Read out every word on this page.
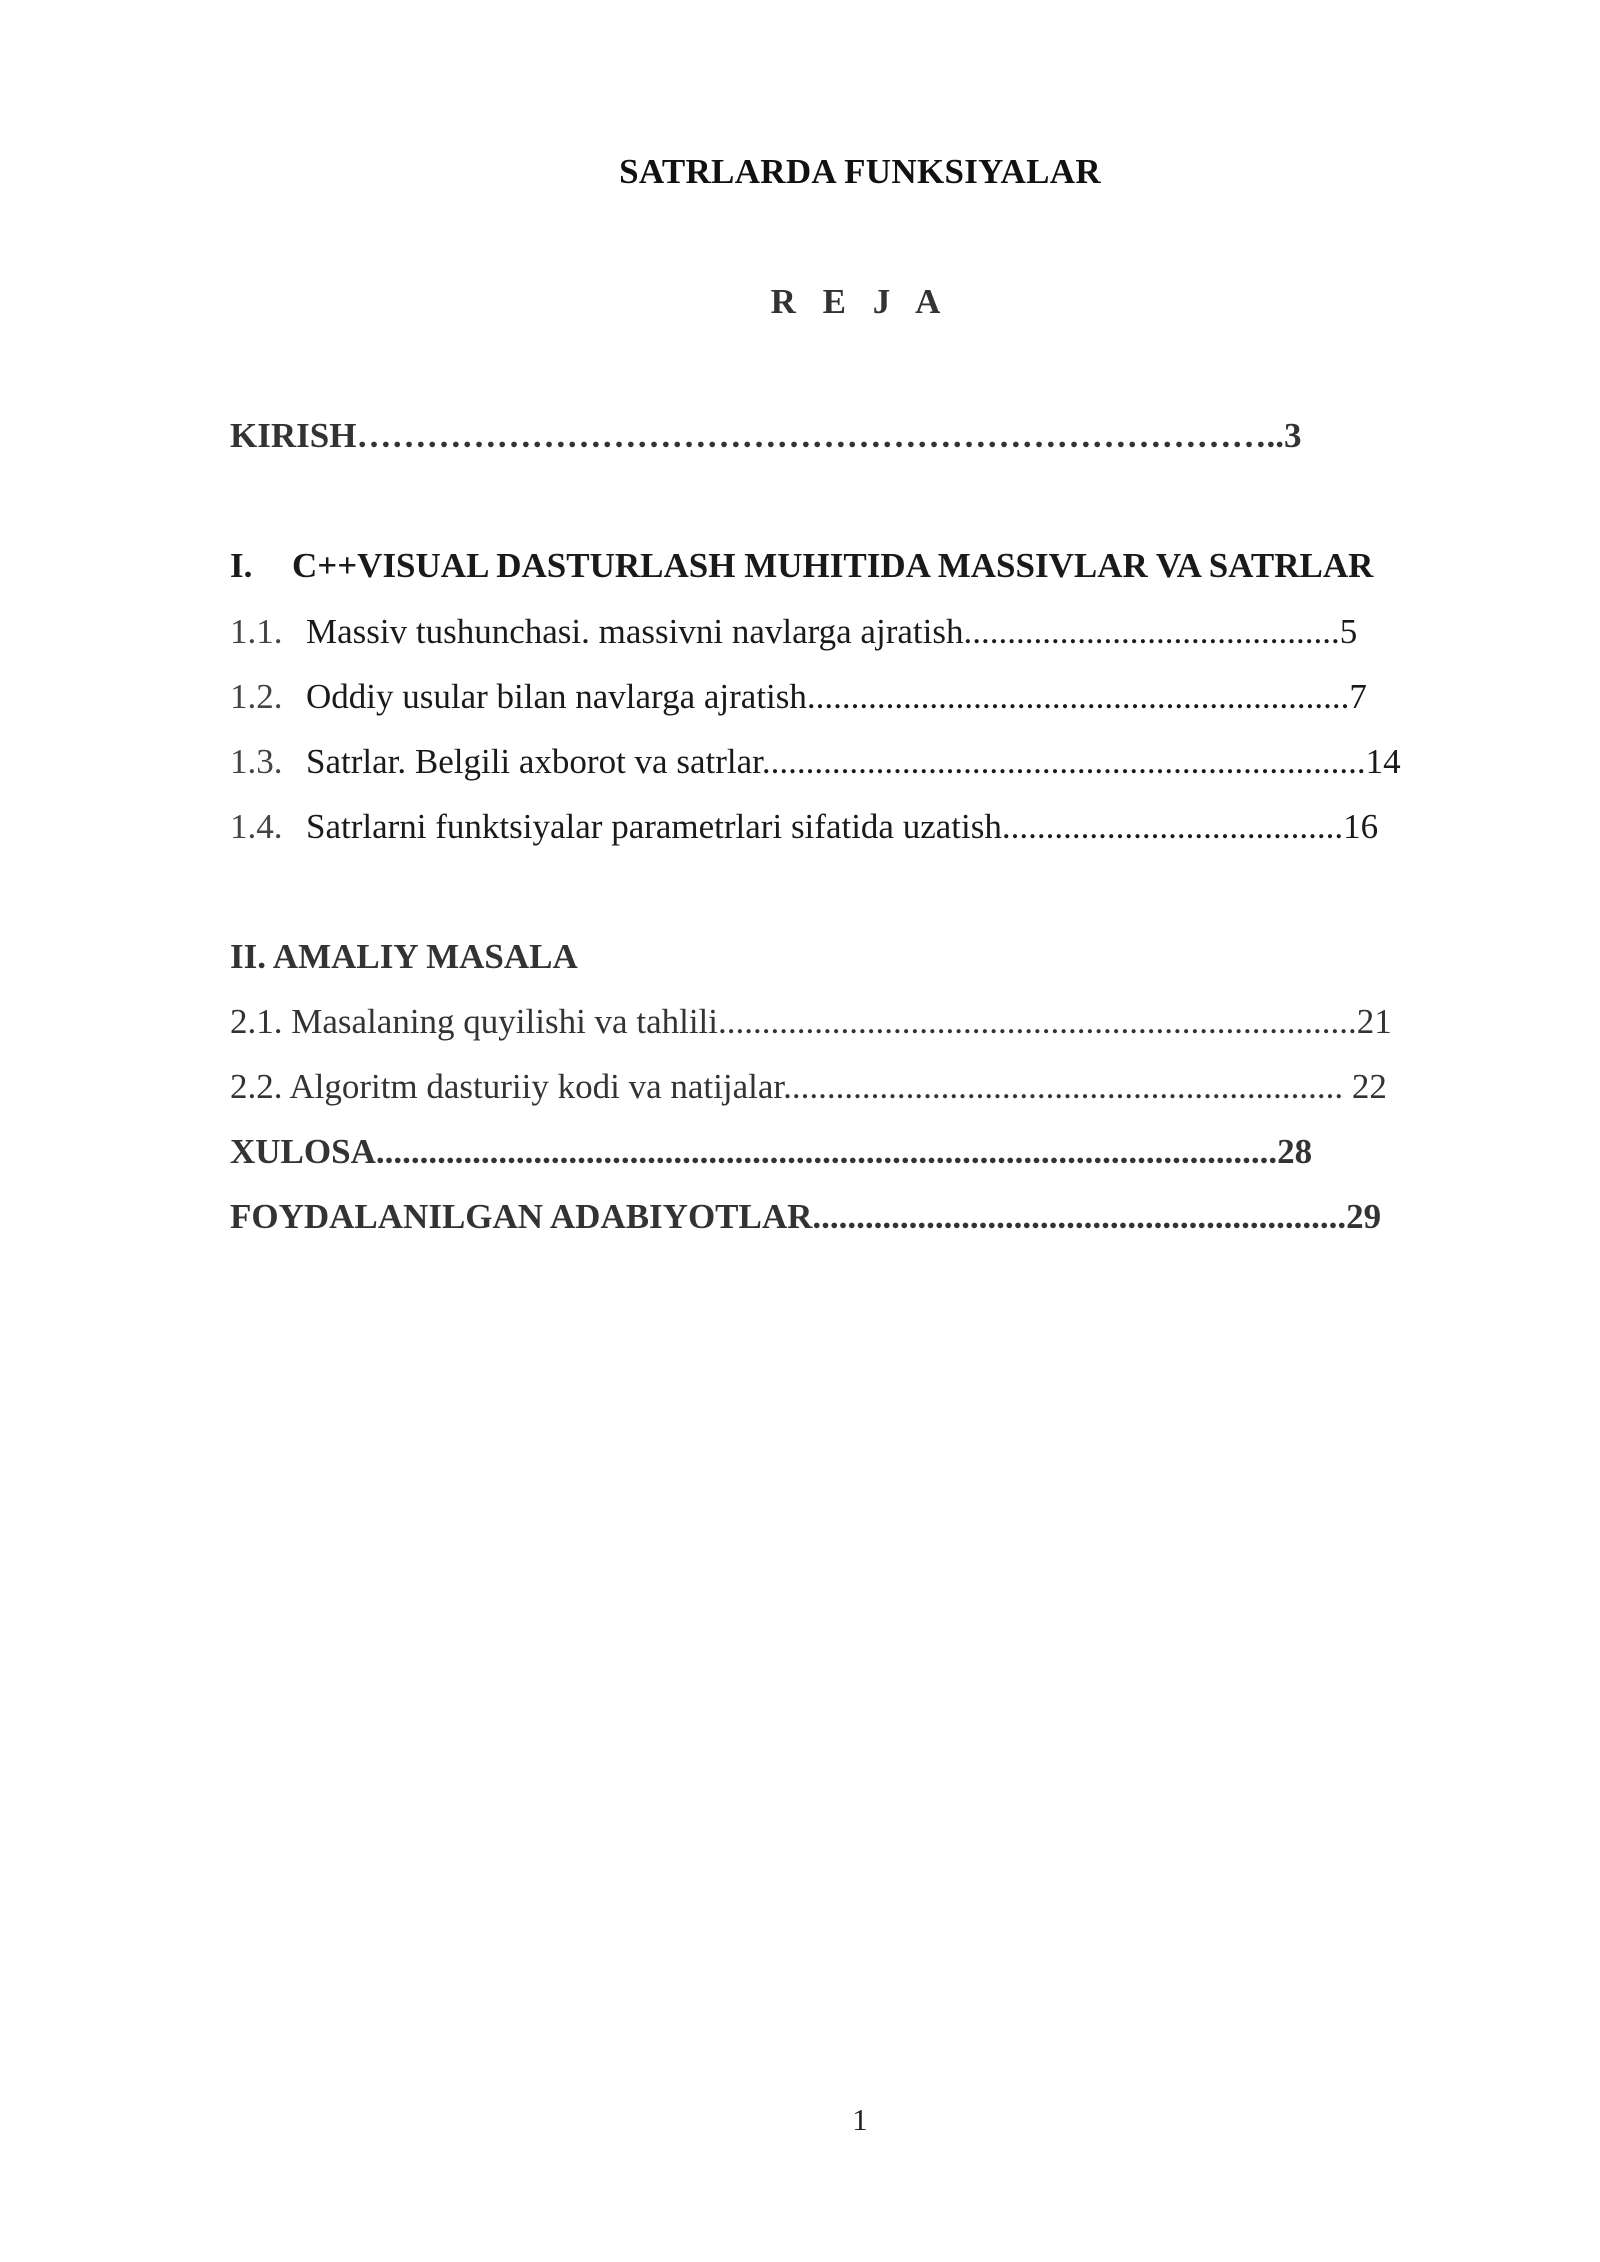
SATRLARDA FUNKSIYALAR
R E J A
KIRISH……………………………………………………………………..3
I. C++VISUAL DASTURLASH MUHITIDA MASSIVLAR VA SATRLAR
1.1. Massiv tushunchasi. massivni navlarga ajratish...........................................5
1.2. Oddiy usular bilan navlarga ajratish..............................................................7
1.3. Satrlar. Belgili axborot va satrlar.....................................................................14
1.4. Satrlarni funktsiyalar parametrlari sifatida uzatish.......................................16
II. AMALIY MASALA
2.1. Masalaning quyilishi va tahlili.........................................................................21
2.2. Algoritm dasturiiy kodi va natijalar................................................................ 22
XULOSA.......................................................................................................28
FOYDALANILGAN ADABIYOTLAR.............................................................29
1
